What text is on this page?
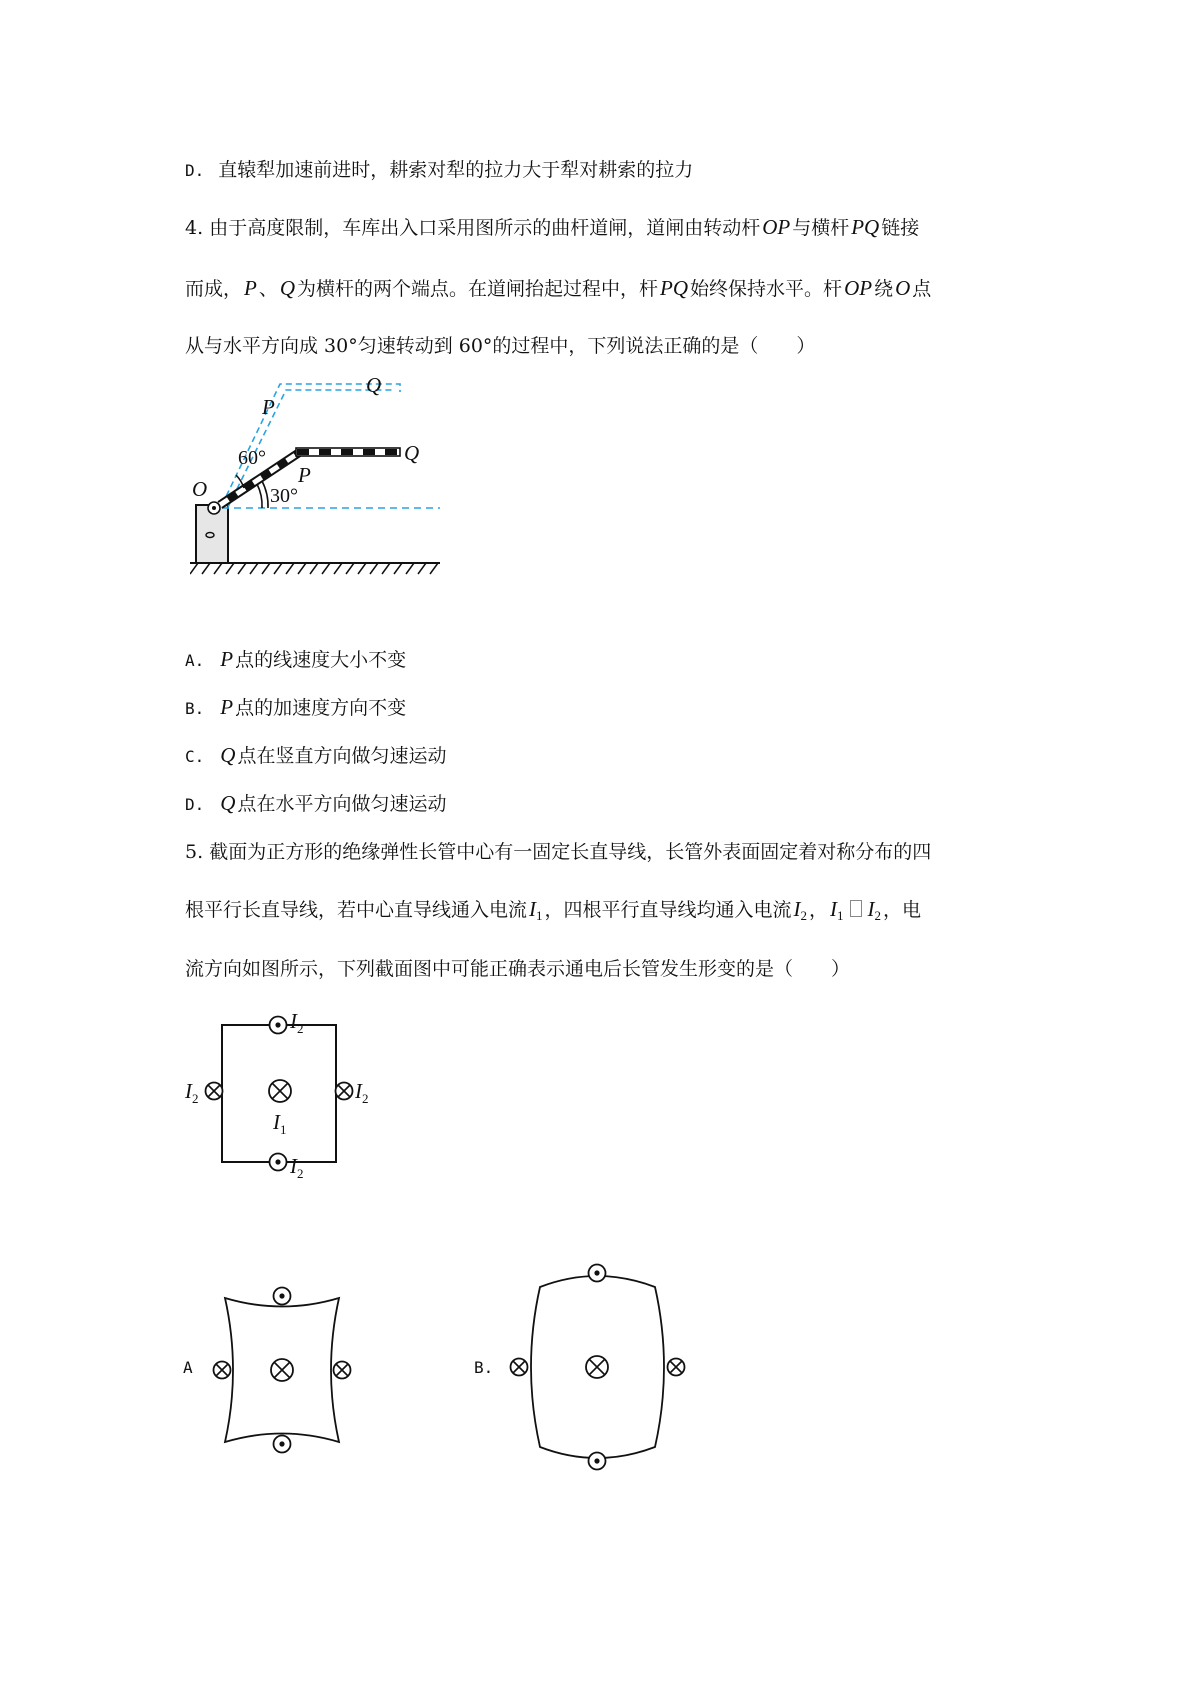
D. 直辕犁加速前进时，耕索对犁的拉力大于犁对耕索的拉力
4. 由于高度限制，车库出入口采用图所示的曲杆道闸，道闸由转动杆OP 与横杆PQ 链接
而成，P 、Q 为横杆的两个端点。在道闸抬起过程中，杆PQ 始终保持水平。杆OP 绕O 点
从与水平方向成 30°匀速转动到 60°的过程中，下列说法正确的是（　　）
Q
P
Q
P
O
60°
30°
A. P 点的线速度大小不变
B. P 点的加速度方向不变
C. Q 点在竖直方向做匀速运动
D. Q 点在水平方向做匀速运动
5. 截面为正方形的绝缘弹性长管中心有一固定长直导线，长管外表面固定着对称分布的四
根平行长直导线，若中心直导线通入电流$I_1$ ，四根平行直导线均通入电流$I_2$ ，$I_1$ $I_2$ ，电
流方向如图所示，下列截面图中可能正确表示通电后长管发生形变的是（　　）
$I_2$
$I_2$
$I_2$	$I_2$
$I_1$
A	B.
